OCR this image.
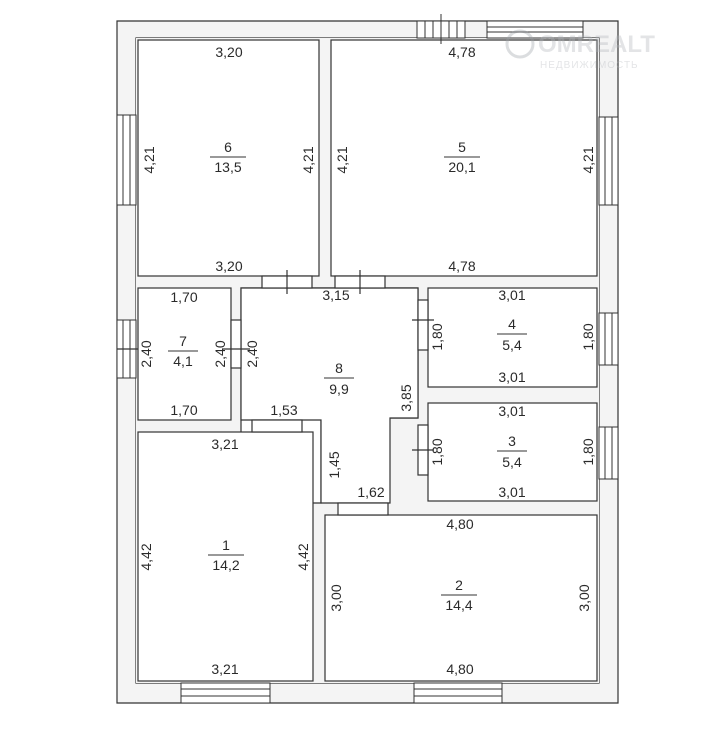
OMREALT
НЕДВИЖИМОСТЬ
6
13,5
5
20,1
7
4,1	8
9,9
4
5,4
3
5,4
1
14,2
2
14,4
3,20
3,20
4,21	4,21
4,78
4,78
4,21	4,21
1,70
1,70
2,40	2,40
3,15
2,40
3,85
1,53
1,45
1,62
3,01
3,01
1,80	1,80
3,01
3,01
1,80	1,80
3,21
3,21
4,42	4,42
4,80
4,80
3,00	3,00
